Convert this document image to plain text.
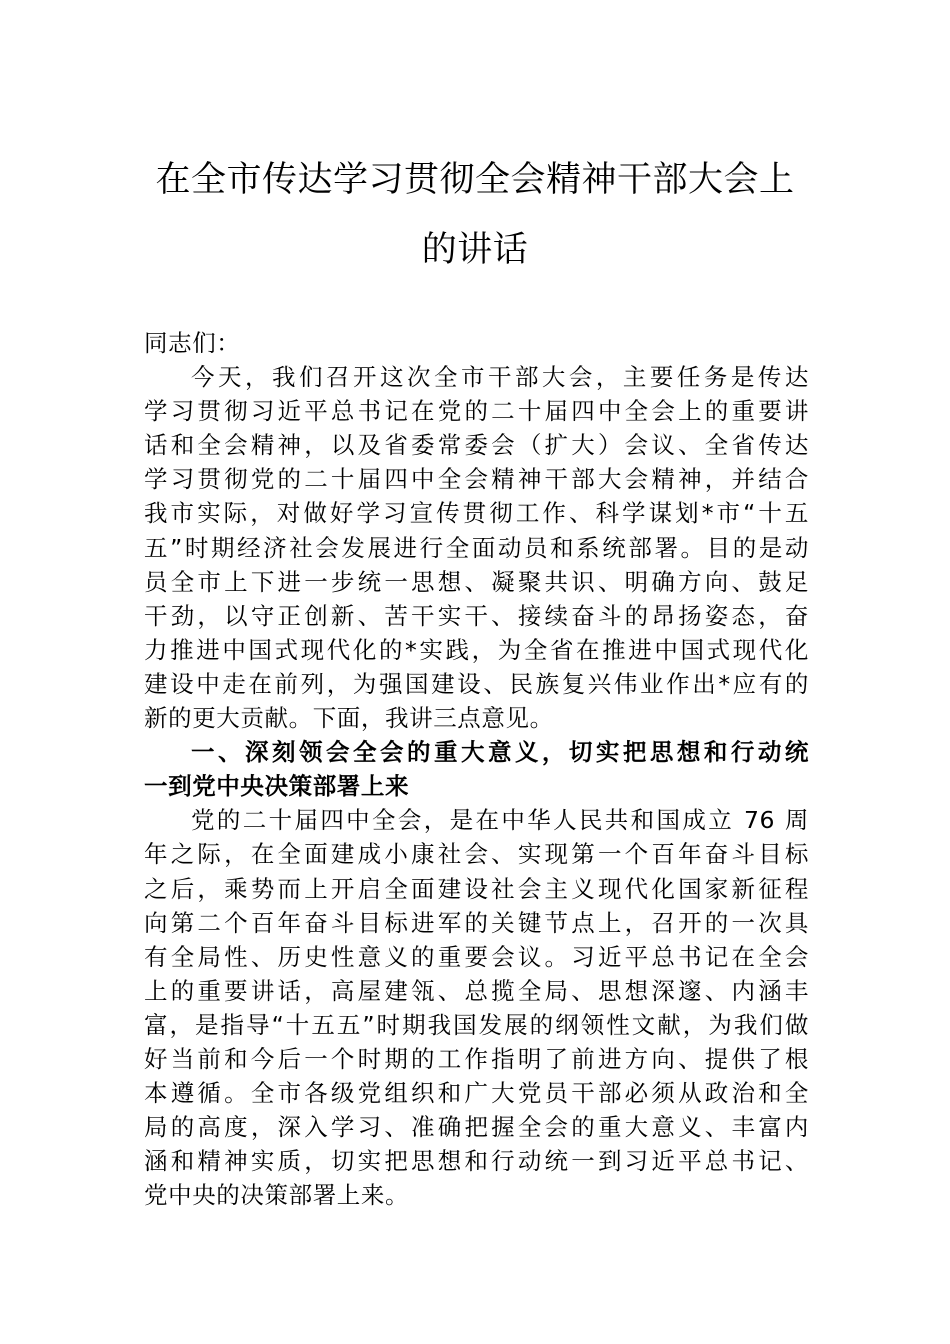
在全市传达学习贯彻全会精神干部大会上
的讲话
同志们：
今天，我们召开这次全市干部大会，主要任务是传达
学习贯彻习近平总书记在党的二十届四中全会上的重要讲
话和全会精神，以及省委常委会（扩大）会议、全省传达
学习贯彻党的二十届四中全会精神干部大会精神，并结合
我市实际，对做好学习宣传贯彻工作、科学谋划*市“十五
五”时期经济社会发展进行全面动员和系统部署。目的是动
员全市上下进一步统一思想、凝聚共识、明确方向、鼓足
干劲，以守正创新、苦干实干、接续奋斗的昂扬姿态，奋
力推进中国式现代化的*实践，为全省在推进中国式现代化
建设中走在前列，为强国建设、民族复兴伟业作出*应有的
新的更大贡献。下面，我讲三点意见。
一、深刻领会全会的重大意义，切实把思想和行动统
一到党中央决策部署上来
党的二十届四中全会，是在中华人民共和国成立 76 周
年之际，在全面建成小康社会、实现第一个百年奋斗目标
之后，乘势而上开启全面建设社会主义现代化国家新征程
向第二个百年奋斗目标进军的关键节点上，召开的一次具
有全局性、历史性意义的重要会议。习近平总书记在全会
上的重要讲话，高屋建瓴、总揽全局、思想深邃、内涵丰
富，是指导“十五五”时期我国发展的纲领性文献，为我们做
好当前和今后一个时期的工作指明了前进方向、提供了根
本遵循。全市各级党组织和广大党员干部必须从政治和全
局的高度，深入学习、准确把握全会的重大意义、丰富内
涵和精神实质，切实把思想和行动统一到习近平总书记、
党中央的决策部署上来。
